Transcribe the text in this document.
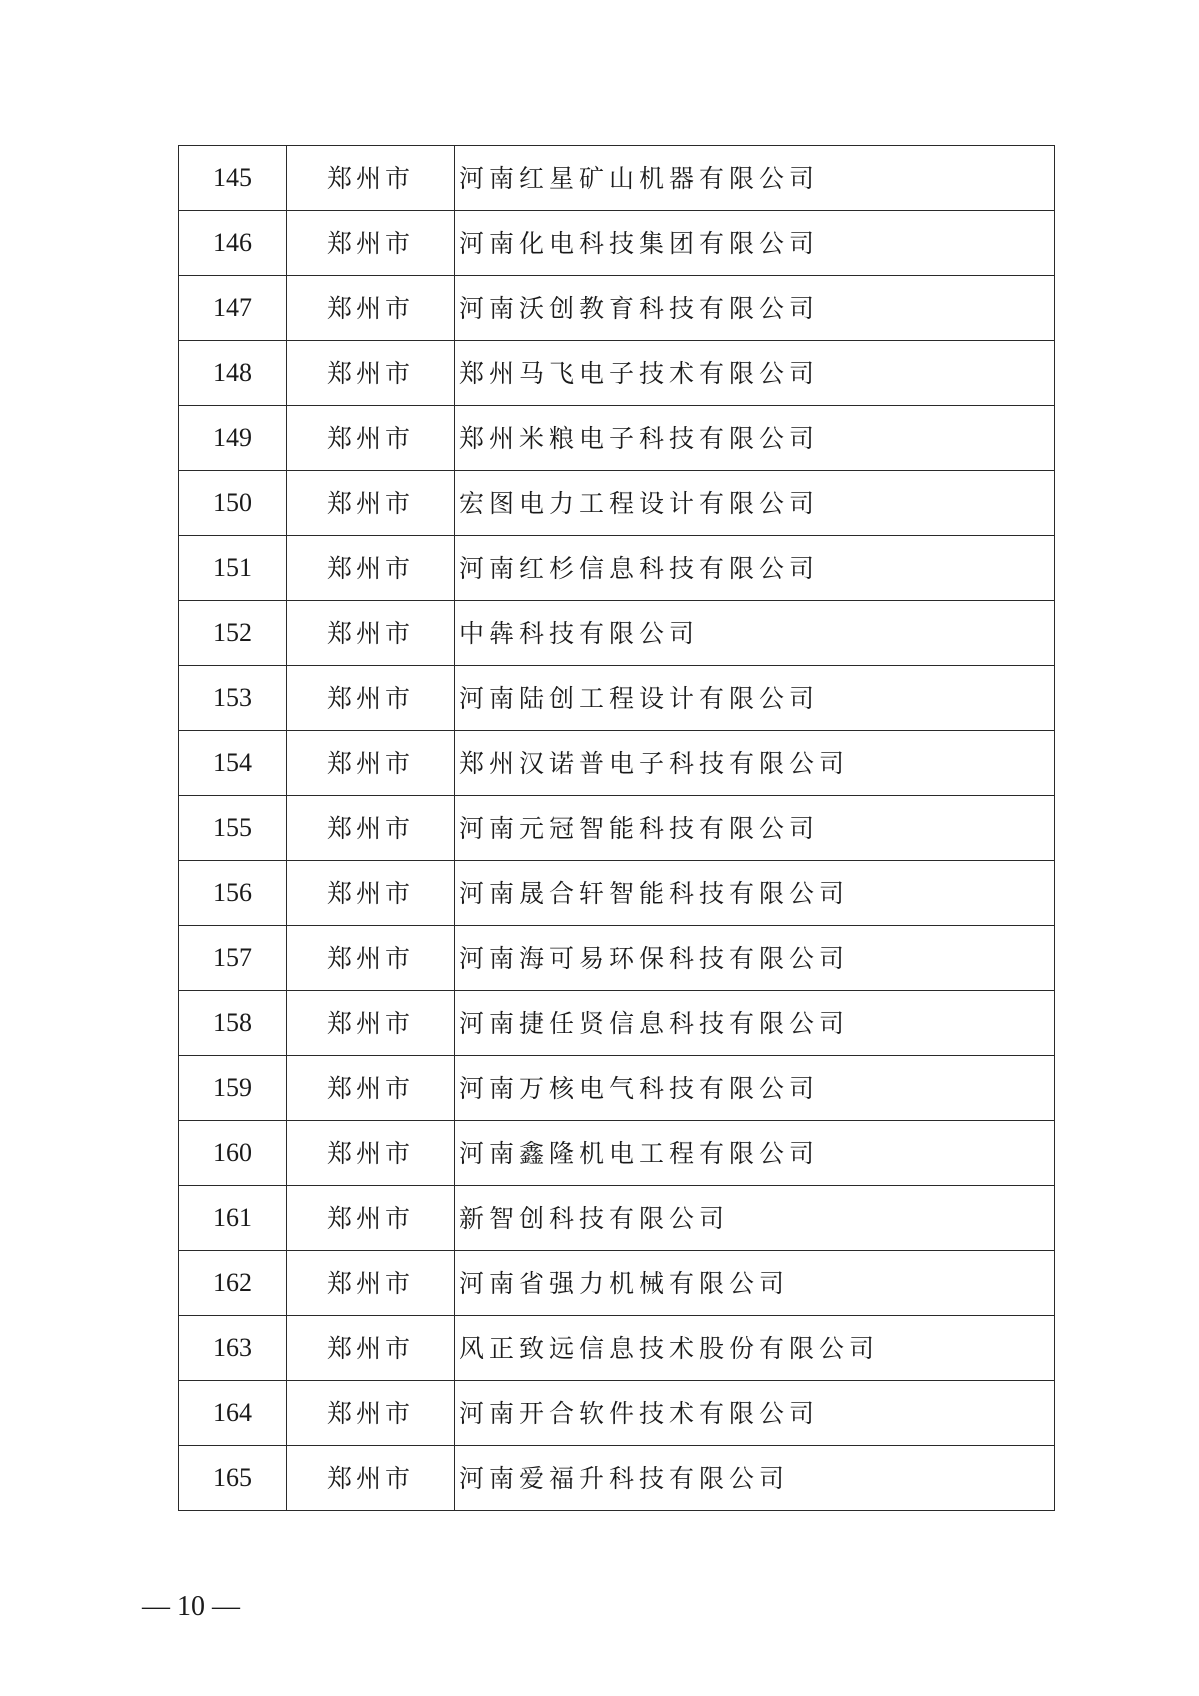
145	郑州市	河南红星矿山机器有限公司
146	郑州市	河南化电科技集团有限公司
147	郑州市	河南沃创教育科技有限公司
148	郑州市	郑州马飞电子技术有限公司
149	郑州市	郑州米粮电子科技有限公司
150	郑州市	宏图电力工程设计有限公司
151	郑州市	河南红杉信息科技有限公司
152	郑州市	中犇科技有限公司
153	郑州市	河南陆创工程设计有限公司
154	郑州市	郑州汉诺普电子科技有限公司
155	郑州市	河南元冠智能科技有限公司
156	郑州市	河南晟合轩智能科技有限公司
157	郑州市	河南海可易环保科技有限公司
158	郑州市	河南捷任贤信息科技有限公司
159	郑州市	河南万核电气科技有限公司
160	郑州市	河南鑫隆机电工程有限公司
161	郑州市	新智创科技有限公司
162	郑州市	河南省强力机械有限公司
163	郑州市	风正致远信息技术股份有限公司
164	郑州市	河南开合软件技术有限公司
165	郑州市	河南爱福升科技有限公司
— 10 —
